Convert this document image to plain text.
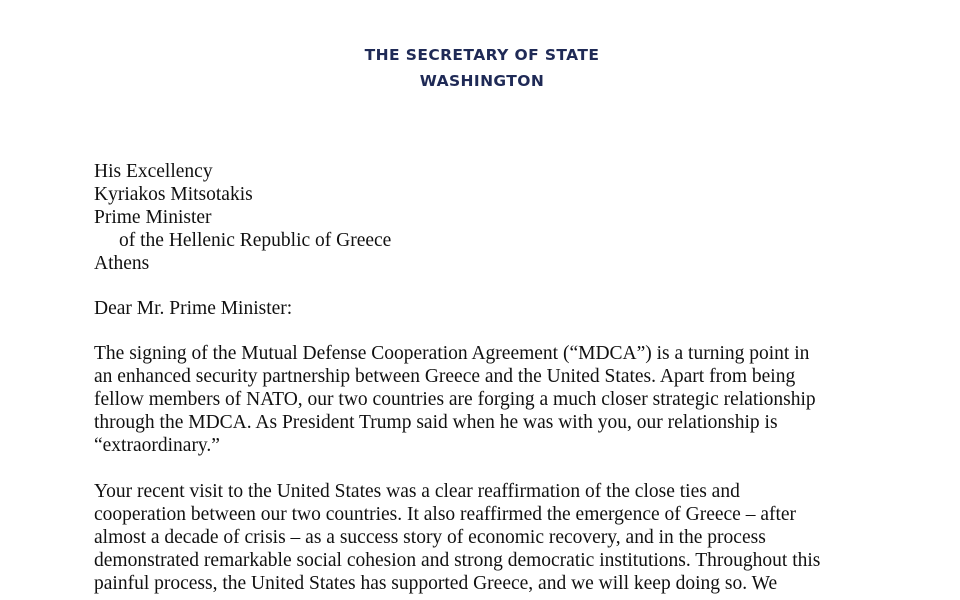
THE SECRETARY OF STATE
WASHINGTON
His Excellency
Kyriakos Mitsotakis
Prime Minister
of the Hellenic Republic of Greece
Athens
Dear Mr. Prime Minister:
The signing of the Mutual Defense Cooperation Agreement (“MDCA”) is a turning point in
an enhanced security partnership between Greece and the United States. Apart from being
fellow members of NATO, our two countries are forging a much closer strategic relationship
through the MDCA. As President Trump said when he was with you, our relationship is
“extraordinary.”
Your recent visit to the United States was a clear reaffirmation of the close ties and
cooperation between our two countries. It also reaffirmed the emergence of Greece – after
almost a decade of crisis – as a success story of economic recovery, and in the process
demonstrated remarkable social cohesion and strong democratic institutions. Throughout this
painful process, the United States has supported Greece, and we will keep doing so. We
